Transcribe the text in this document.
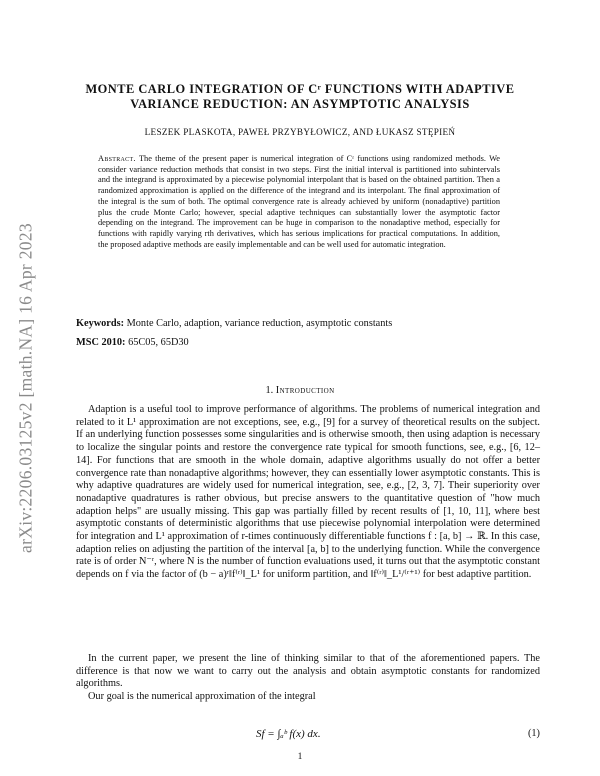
arXiv:2206.03125v2 [math.NA] 16 Apr 2023
MONTE CARLO INTEGRATION OF Cʳ FUNCTIONS WITH ADAPTIVE VARIANCE REDUCTION: AN ASYMPTOTIC ANALYSIS
LESZEK PLASKOTA, PAWEŁ PRZYBYŁOWICZ, AND ŁUKASZ STĘPIEŃ
Abstract. The theme of the present paper is numerical integration of Cʳ functions using randomized methods. We consider variance reduction methods that consist in two steps. First the initial interval is partitioned into subintervals and the integrand is approximated by a piecewise polynomial interpolant that is based on the obtained partition. Then a randomized approximation is applied on the difference of the integrand and its interpolant. The final approximation of the integral is the sum of both. The optimal convergence rate is already achieved by uniform (nonadaptive) partition plus the crude Monte Carlo; however, special adaptive techniques can substantially lower the asymptotic factor depending on the integrand. The improvement can be huge in comparison to the nonadaptive method, especially for functions with rapidly varying rth derivatives, which has serious implications for practical computations. In addition, the proposed adaptive methods are easily implementable and can be well used for automatic integration.
Keywords: Monte Carlo, adaption, variance reduction, asymptotic constants
MSC 2010: 65C05, 65D30
1. Introduction
Adaption is a useful tool to improve performance of algorithms. The problems of numerical integration and related to it L¹ approximation are not exceptions, see, e.g., [9] for a survey of theoretical results on the subject. If an underlying function possesses some singularities and is otherwise smooth, then using adaption is necessary to localize the singular points and restore the convergence rate typical for smooth functions, see, e.g., [6, 12–14]. For functions that are smooth in the whole domain, adaptive algorithms usually do not offer a better convergence rate than nonadaptive algorithms; however, they can essentially lower asymptotic constants. This is why adaptive quadratures are widely used for numerical integration, see, e.g., [2, 3, 7]. Their superiority over nonadaptive quadratures is rather obvious, but precise answers to the quantitative question of "how much adaption helps" are usually missing. This gap was partially filled by recent results of [1, 10, 11], where best asymptotic constants of deterministic algorithms that use piecewise polynomial interpolation were determined for integration and L¹ approximation of r-times continuously differentiable functions f : [a, b] → ℝ. In this case, adaption relies on adjusting the partition of the interval [a, b] to the underlying function. While the convergence rate is of order N⁻ʳ, where N is the number of function evaluations used, it turns out that the asymptotic constant depends on f via the factor of (b − a)ʳ‖f⁽ʳ⁾‖_L¹ for uniform partition, and ‖f⁽ʳ⁾‖_L¹/⁽ʳ⁺¹⁾ for best adaptive partition.
In the current paper, we present the line of thinking similar to that of the aforementioned papers. The difference is that now we want to carry out the analysis and obtain asymptotic constants for randomized algorithms.
Our goal is the numerical approximation of the integral
Sf = ∫ₐᵇ f(x) dx.	(1)
1
